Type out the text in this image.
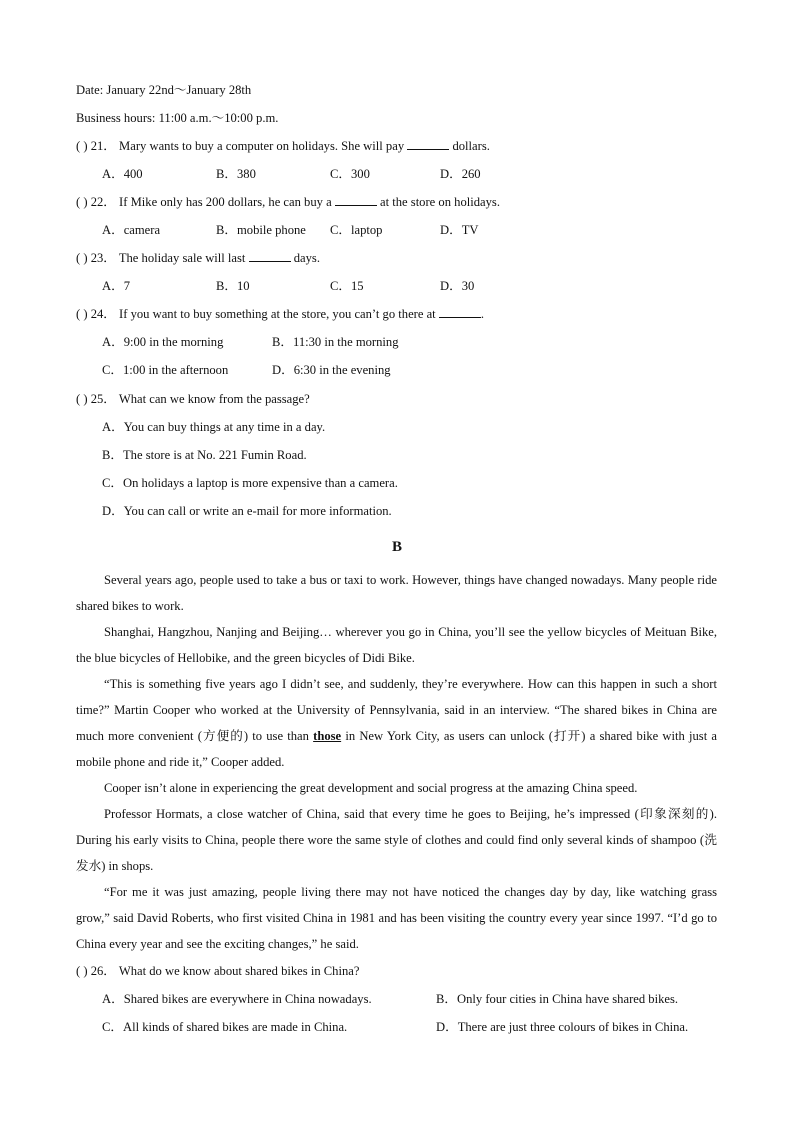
Date: January 22nd～January 28th
Business hours: 11:00 a.m.～10:00 p.m.
( ) 21． Mary wants to buy a computer on holidays. She will pay	dollars.
A．400	B．380	C．300	D．260
( ) 22． If Mike only has 200 dollars, he can buy a	at the store on holidays.
A．camera	B．mobile phone C．laptop	D．TV
( ) 23． The holiday sale will last	days.
A．7	B．10	C．15	D．30
( ) 24． If you want to buy something at the store, you can’t go there at	.
A．9:00 in the morning	B．11:30 in the morning
C．1:00 in the afternoon	D．6:30 in the evening
( ) 25． What can we know from the passage?
A．You can buy things at any time in a day.
B．The store is at No. 221 Fumin Road.
C．On holidays a laptop is more expensive than a camera.
D．You can call or write an e-mail for more information.
B

Several years ago, people used to take a bus or taxi to work. However, things have changed nowadays. Many people ride shared bikes to work.

Shanghai, Hangzhou, Nanjing and Beijing… wherever you go in China, you’ll see the yellow bicycles of Meituan Bike, the blue bicycles of Hellobike, and the green bicycles of Didi Bike.

“This is something five years ago I didn’t see, and suddenly, they’re everywhere. How can this happen in such a short time?” Martin Cooper who worked at the University of Pennsylvania, said in an interview. “The shared bikes in China are much more convenient (方便的) to use than those in New York City, as users can unlock (打开) a shared bike with just a mobile phone and ride it,” Cooper added.

Cooper isn’t alone in experiencing the great development and social progress at the amazing China speed.

Professor Hormats, a close watcher of China, said that every time he goes to Beijing, he’s impressed (印象深刻的). During his early visits to China, people there wore the same style of clothes and could find only several kinds of shampoo (洗发水) in shops.

“For me it was just amazing, people living there may not have noticed the changes day by day, like watching grass grow,” said David Roberts, who first visited China in 1981 and has been visiting the country every year since 1997. “I’d go to China every year and see the exciting changes,” he said.

( ) 26． What do we know about shared bikes in China?
A．Shared bikes are everywhere in China nowadays.	B．Only four cities in China have shared bikes.
C．All kinds of shared bikes are made in China.	D．There are just three colours of bikes in China.
